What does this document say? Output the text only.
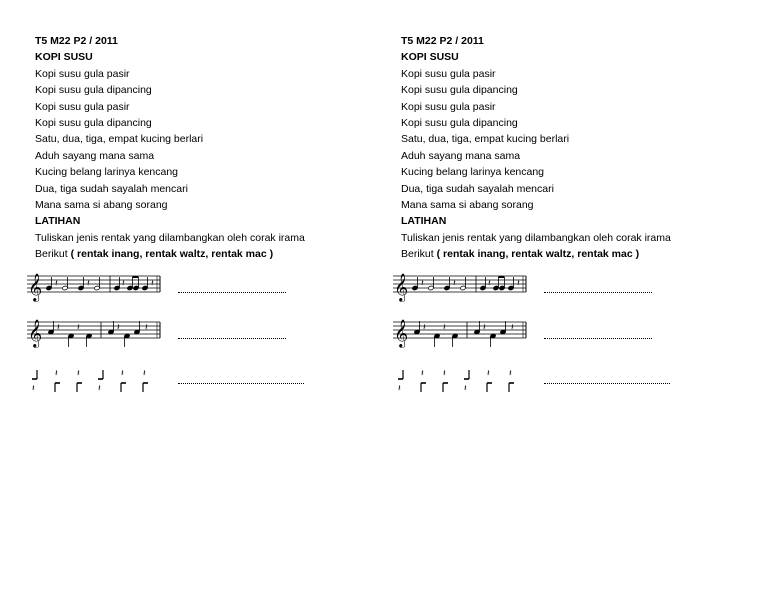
T5 M22 P2 / 2011
KOPI SUSU
Kopi susu gula pasir
Kopi susu gula dipancing
Kopi susu gula pasir
Kopi susu gula dipancing
Satu, dua, tiga, empat kucing berlari
Aduh sayang mana sama
Kucing belang larinya kencang
Dua, tiga sudah sayalah mencari
Mana sama si abang sorang
LATIHAN
Tuliskan jenis rentak yang dilambangkan oleh corak irama
Berikut ( rentak inang, rentak waltz, rentak mac )
𝄞 𝄽	𝄽	𝄽	𝄽
𝄞 𝄽 𝄽	𝄽	𝄽
𝄽
𝄽 𝄽
𝄽
𝄽 𝄽
T5 M22 P2 / 2011
KOPI SUSU
Kopi susu gula pasir
Kopi susu gula dipancing
Kopi susu gula pasir
Kopi susu gula dipancing
Satu, dua, tiga, empat kucing berlari
Aduh sayang mana sama
Kucing belang larinya kencang
Dua, tiga sudah sayalah mencari
Mana sama si abang sorang
LATIHAN
Tuliskan jenis rentak yang dilambangkan oleh corak irama
Berikut ( rentak inang, rentak waltz, rentak mac )
𝄞 𝄽	𝄽	𝄽	𝄽
𝄞 𝄽 𝄽	𝄽	𝄽
𝄽
𝄽 𝄽
𝄽
𝄽 𝄽
